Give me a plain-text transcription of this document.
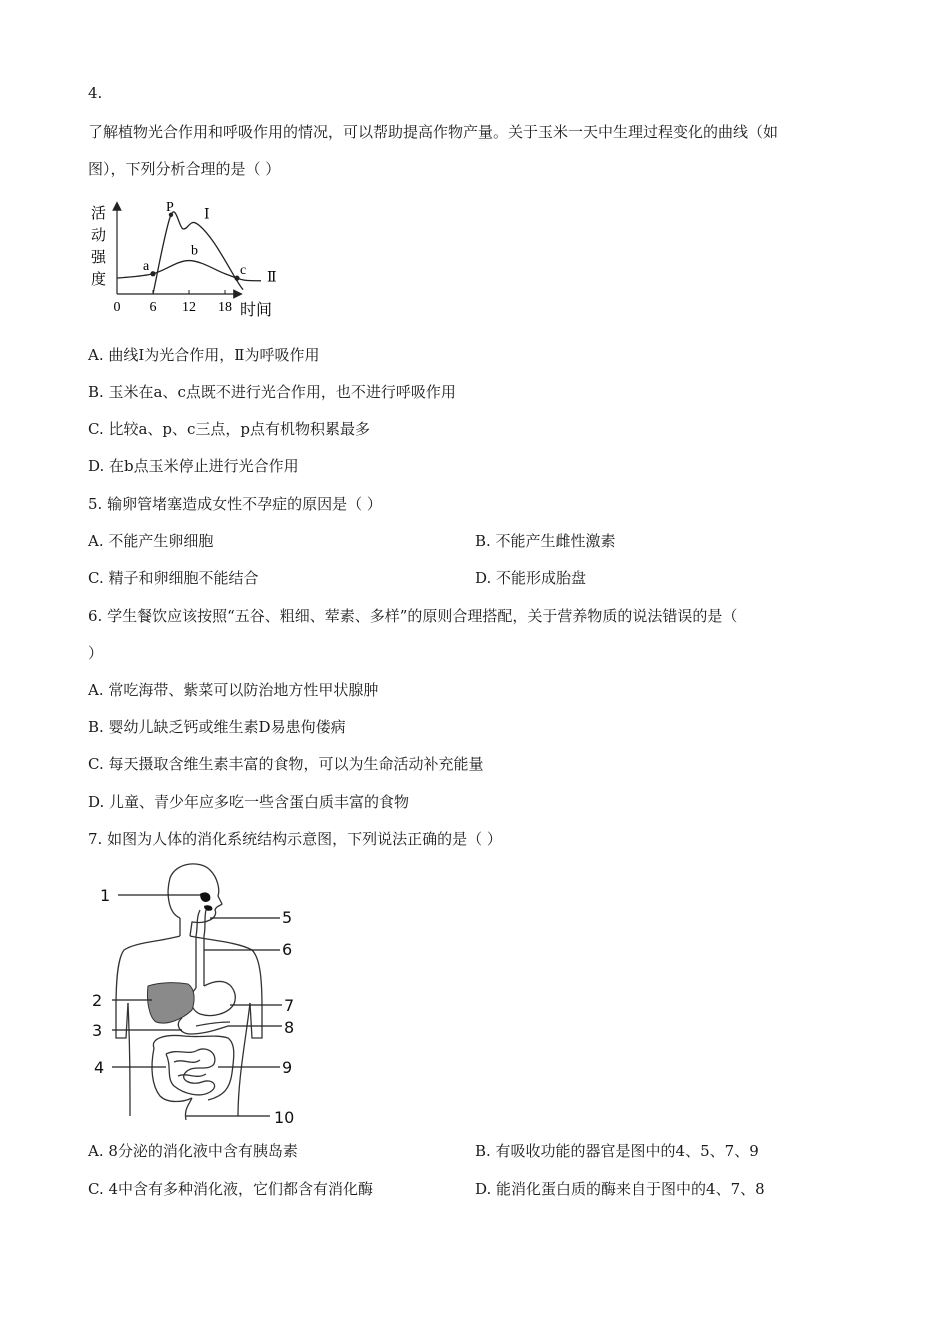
4.
了解植物光合作用和呼吸作用的情况，可以帮助提高作物产量。关于玉米一天中生理过程变化的曲线（如
图），下列分析合理的是（ ）
活
动
强
度
0 6 12 18 时间
P
a
b
c
Ⅰ
Ⅱ
A. 曲线Ⅰ为光合作用，Ⅱ为呼吸作用
B. 玉米在a、c点既不进行光合作用，也不进行呼吸作用
C. 比较a、p、c三点，p点有机物积累最多
D. 在b点玉米停止进行光合作用
5. 输卵管堵塞造成女性不孕症的原因是（ ）
A. 不能产生卵细胞	B. 不能产生雌性激素
C. 精子和卵细胞不能结合	D. 不能形成胎盘
6. 学生餐饮应该按照“五谷、粗细、荤素、多样”的原则合理搭配，关于营养物质的说法错误的是（
）
A. 常吃海带、紫菜可以防治地方性甲状腺肿
B. 婴幼儿缺乏钙或维生素D易患佝偻病
C. 每天摄取含维生素丰富的食物，可以为生命活动补充能量
D. 儿童、青少年应多吃一些含蛋白质丰富的食物
7. 如图为人体的消化系统结构示意图，下列说法正确的是（ ）
1
2
3
4
5
6
7
8
9
10
A. 8分泌的消化液中含有胰岛素	B. 有吸收功能的器官是图中的4、5、7、9
C. 4中含有多种消化液，它们都含有消化酶	D. 能消化蛋白质的酶来自于图中的4、7、8
